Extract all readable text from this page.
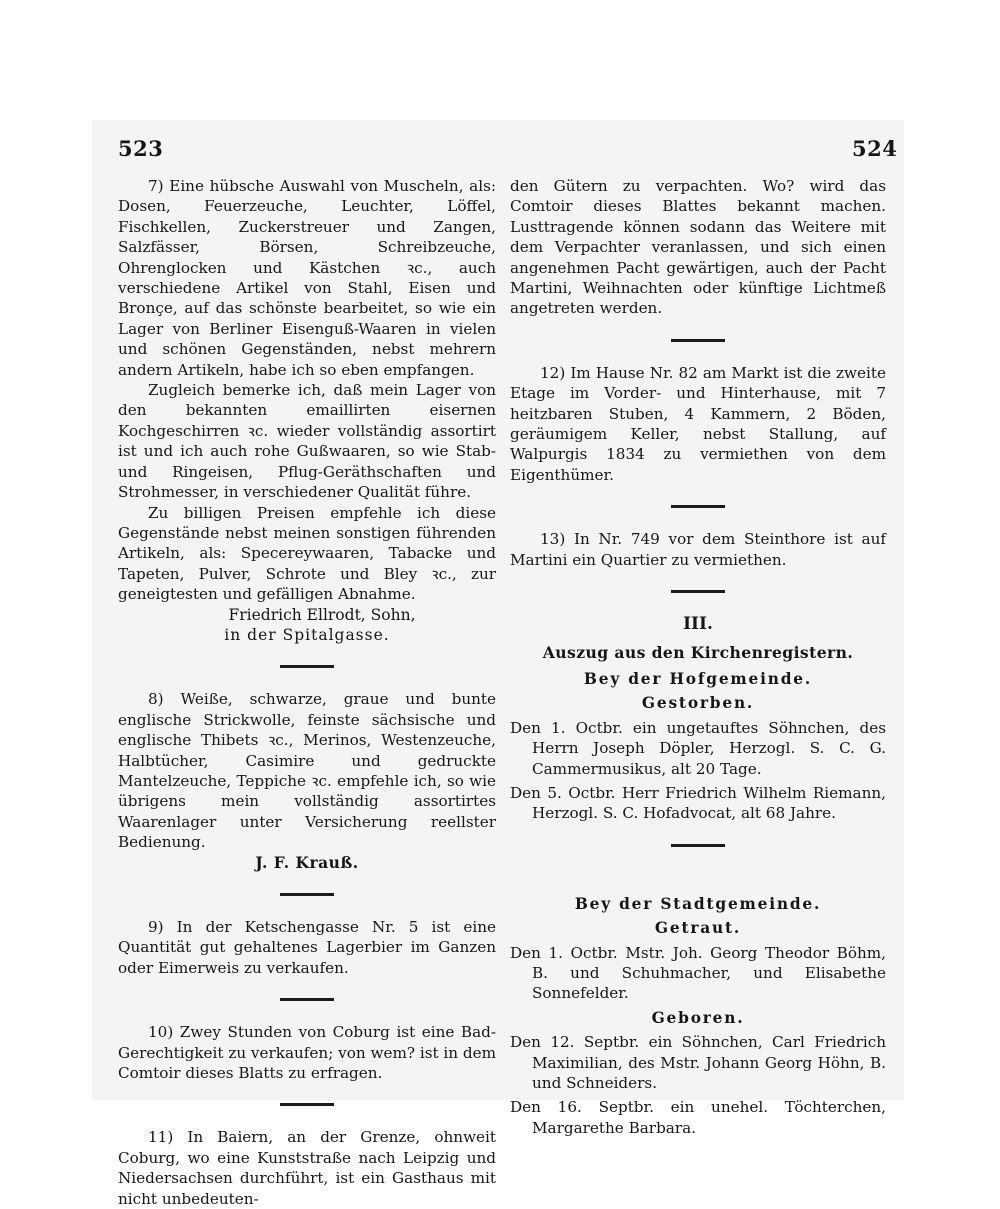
523	524

7) Eine hübsche Auswahl von Muscheln, als: Dosen, Feuerzeuche, Leuchter, Löffel, Fischkellen, Zuckerstreuer und Zangen, Salzfässer, Börsen, Schreibzeuche, Ohrenglocken und Kästchen ꝛc., auch verschiedene Artikel von Stahl, Eisen und Bronçe, auf das schönste bearbeitet, so wie ein Lager von Berliner Eisenguß-Waaren in vielen und schönen Gegenständen, nebst mehrern andern Artikeln, habe ich so eben empfangen.

Zugleich bemerke ich, daß mein Lager von den bekannten emaillirten eisernen Kochgeschirren ꝛc. wieder vollständig assortirt ist und ich auch rohe Gußwaaren, so wie Stab- und Ringeisen, Pflug-Geräthschaften und Strohmesser, in verschiedener Qualität führe.

Zu billigen Preisen empfehle ich diese Gegenstände nebst meinen sonstigen führenden Artikeln, als: Specereywaaren, Tabacke und Tapeten, Pulver, Schrote und Bley ꝛc., zur geneigtesten und gefälligen Abnahme.

Friedrich Ellrodt, Sohn,

in der Spitalgasse.

8) Weiße, schwarze, graue und bunte englische Strickwolle, feinste sächsische und englische Thibets ꝛc., Merinos, Westenzeuche, Halbtücher, Casimire und gedruckte Mantelzeuche, Teppiche ꝛc. empfehle ich, so wie übrigens mein vollständig assortirtes Waarenlager unter Versicherung reellster Bedienung.

J. F. Krauß.

9) In der Ketschengasse Nr. 5 ist eine Quantität gut gehaltenes Lagerbier im Ganzen oder Eimerweis zu verkaufen.

10) Zwey Stunden von Coburg ist eine Bad-Gerechtigkeit zu verkaufen; von wem? ist in dem Comtoir dieses Blatts zu erfragen.

11) In Baiern, an der Grenze, ohnweit Coburg, wo eine Kunststraße nach Leipzig und Niedersachsen durchführt, ist ein Gasthaus mit nicht unbedeuten-

den Gütern zu verpachten. Wo? wird das Comtoir dieses Blattes bekannt machen. Lusttragende können sodann das Weitere mit dem Verpachter veranlassen, und sich einen angenehmen Pacht gewärtigen, auch der Pacht Martini, Weihnachten oder künftige Lichtmeß angetreten werden.

12) Im Hause Nr. 82 am Markt ist die zweite Etage im Vorder- und Hinterhause, mit 7 heitzbaren Stuben, 4 Kammern, 2 Böden, geräumigem Keller, nebst Stallung, auf Walpurgis 1834 zu vermiethen von dem Eigenthümer.

13) In Nr. 749 vor dem Steinthore ist auf Martini ein Quartier zu vermiethen.

III.
Auszug aus den Kirchenregistern.
Bey der Hofgemeinde.
Gestorben.

Den 1. Octbr. ein ungetauftes Söhnchen, des Herrn Joseph Döpler, Herzogl. S. C. G. Cammermusikus, alt 20 Tage.

Den 5. Octbr. Herr Friedrich Wilhelm Riemann, Herzogl. S. C. Hofadvocat, alt 68 Jahre.

Bey der Stadtgemeinde.
Getraut.

Den 1. Octbr. Mstr. Joh. Georg Theodor Böhm, B. und Schuhmacher, und Elisabethe Sonnefelder.

Geboren.

Den 12. Septbr. ein Söhnchen, Carl Friedrich Maximilian, des Mstr. Johann Georg Höhn, B. und Schneiders.

Den 16. Septbr. ein unehel. Töchterchen, Margarethe Barbara.
